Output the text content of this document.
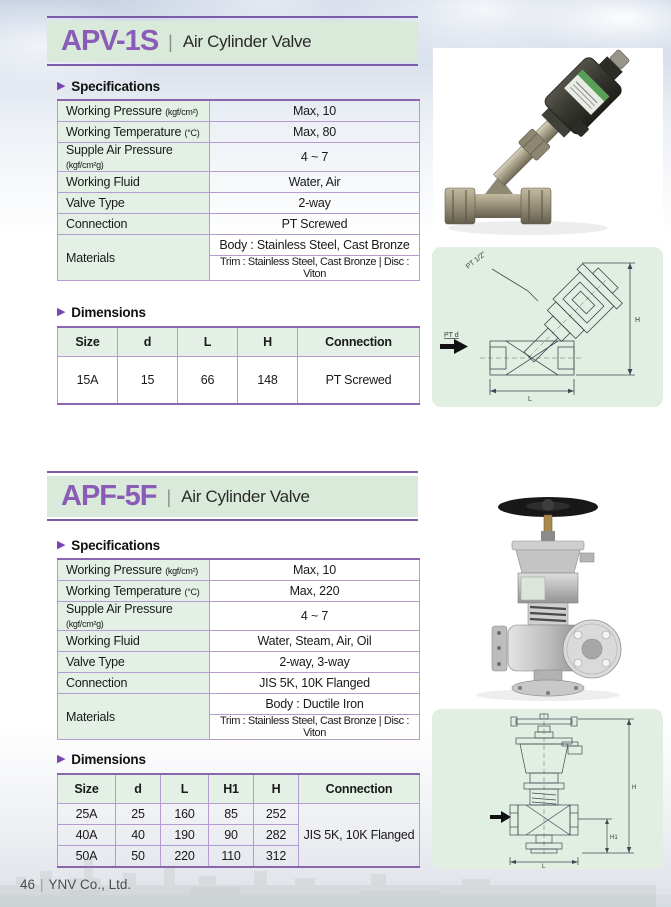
APV-1S | Air Cylinder Valve
▶ Specifications
Working Pressure (kgf/cm²)	Max, 10
Working Temperature (°C)	Max, 80
Supple Air Pressure (kgf/cm²g)	4 ~ 7
Working Fluid	Water, Air
Valve Type	2-way
Connection	PT Screwed
Materials	Body : Stainless Steel, Cast Bronze
	Trim : Stainless Steel, Cast Bronze | Disc : Viton
▶ Dimensions
Size	d	L	H	Connection
15A	15	66	148	PT Screwed
PT 1/2"
PT d
L
H
APF-5F | Air Cylinder Valve
▶ Specifications
Working Pressure (kgf/cm²)	Max, 10
Working Temperature (°C)	Max, 220
Supple Air Pressure (kgf/cm²g)	4 ~ 7
Working Fluid	Water, Steam, Air, Oil
Valve Type	2-way, 3-way
Connection	JIS 5K, 10K Flanged
Materials	Body : Ductile Iron
	Trim : Stainless Steel, Cast Bronze | Disc : Viton
▶ Dimensions
Size	d	L	H1	H	Connection
25A	25	160	85	252	JIS 5K, 10K Flanged
40A	40	190	90	282	
50A	50	220	110	312	
H
H1
L
46 | YNV Co., Ltd.
